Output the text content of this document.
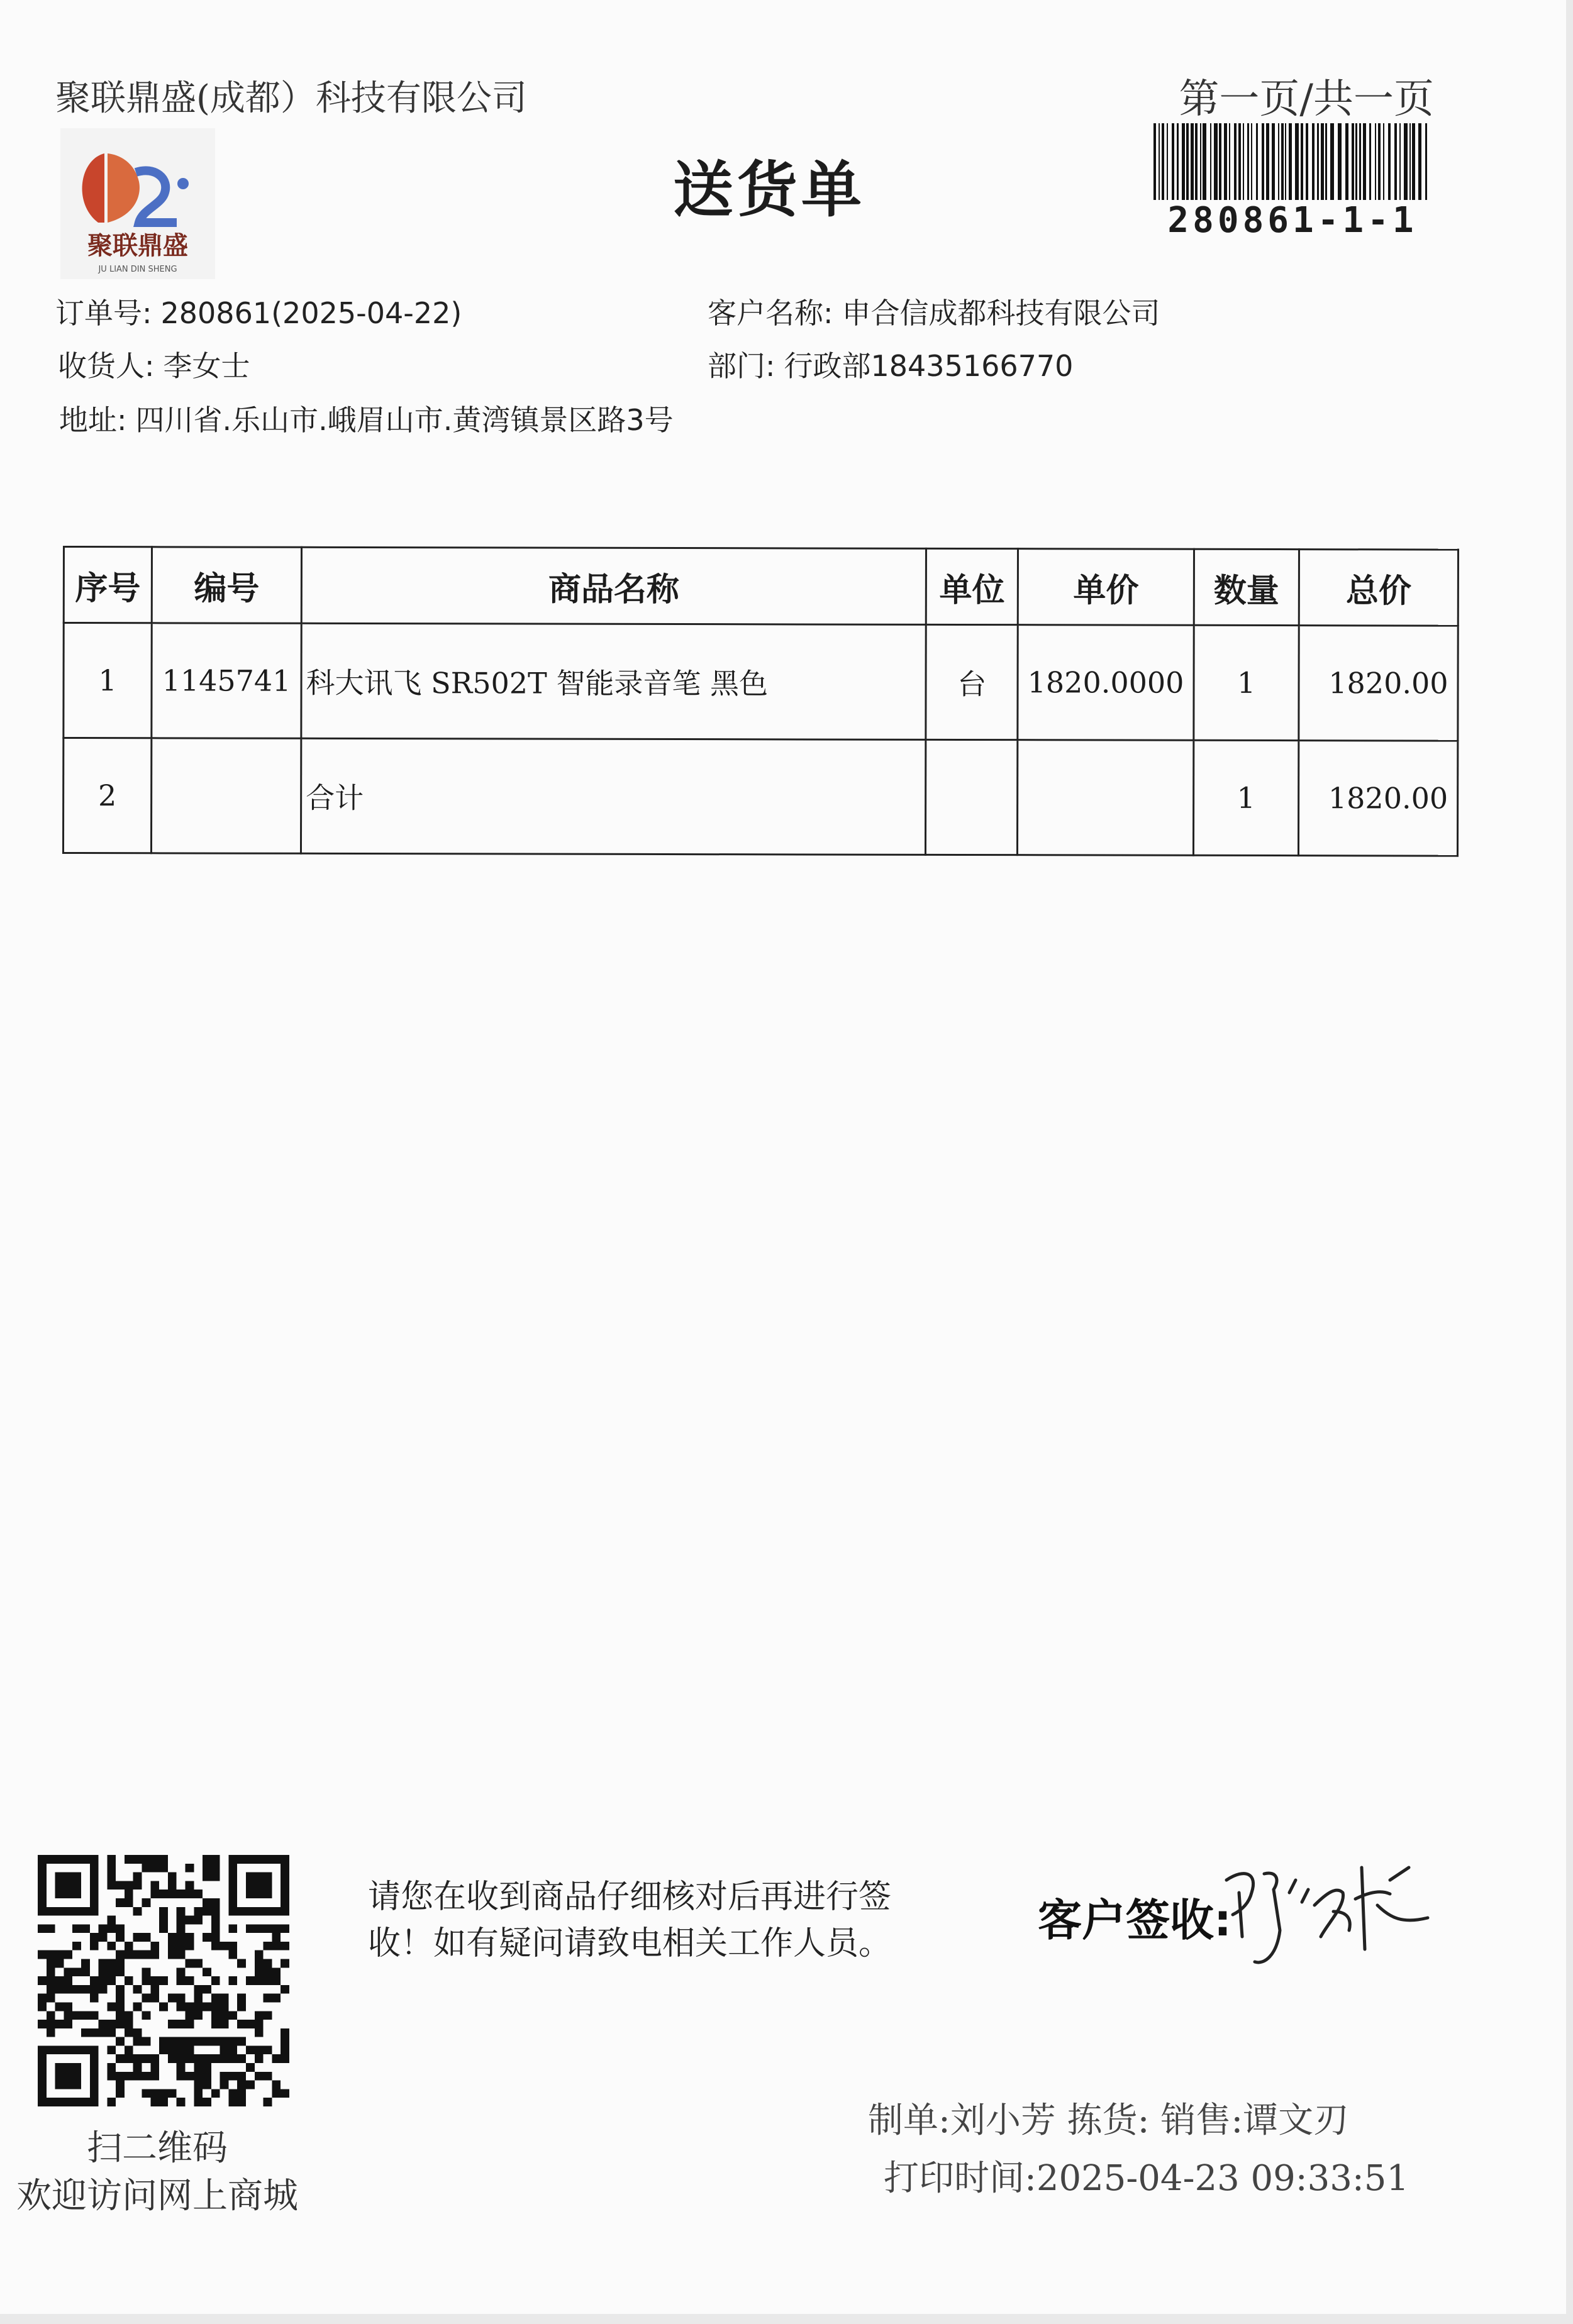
聚联鼎盛(成都）科技有限公司	第一页/共一页
送货单	280861-1-1
聚联鼎盛
JU LIAN DIN SHENG
订单号: 280861(2025-04-22)	客户名称: 申合信成都科技有限公司
收货人: 李女士	部门: 行政部18435166770
地址: 四川省.乐山市.峨眉山市.黄湾镇景区路3号
序号	编号	商品名称	单位	单价	数量	总价
1	1145741	科大讯飞 SR502T 智能录音笔 黑色	台	1820.0000	1	1820.00
2		合计			1	1820.00
扫二维码
欢迎访问网上商城
请您在收到商品仔细核对后再进行签
收！如有疑问请致电相关工作人员。	客户签收:
制单:刘小芳 拣货: 销售:谭文刃
打印时间:2025-04-23 09:33:51
